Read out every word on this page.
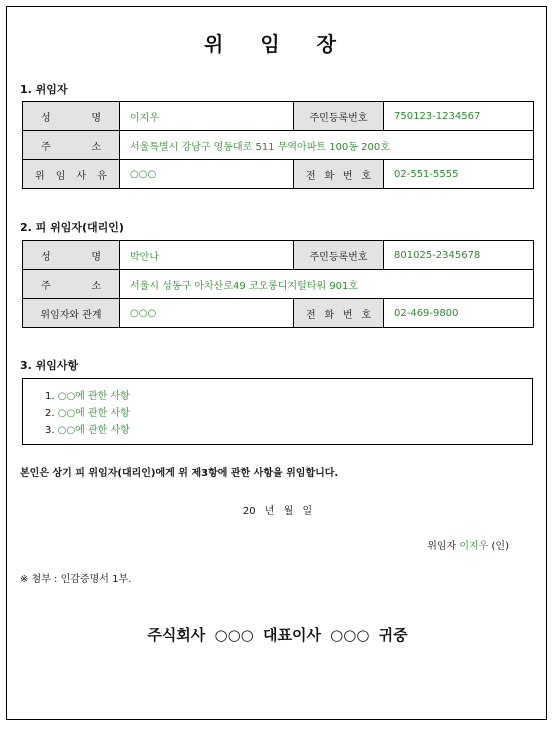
위 임 장
1. 위임자
성 명	이지우	주민등록번호	750123-1234567

주 소	서울특별시 강남구 영동대로 511 무역아파트 100동 200호		

위 임 사 유	○○○	전 화 번 호	02-551-5555
2. 피 위임자(대리인)
성 명	박안나	주민등록번호	801025-2345678

주 소	서울시 성동구 아차산로49 코오롱디지털타워 901호		
위임자와 관계	○○○	전 화 번 호	02-469-9800
3. 위임사항
1. ○○에 관한 사항
2. ○○에 관한 사항
3. ○○에 관한 사항
본인은 상기 피 위임자(대리인)에게 위 제3항에 관한 사항을 위임합니다.
20 년 월 일
위임자 이지우 (인)
※ 첨부 : 인감증명서 1부.
주식회사 ○○○ 대표이사 ○○○ 귀중
